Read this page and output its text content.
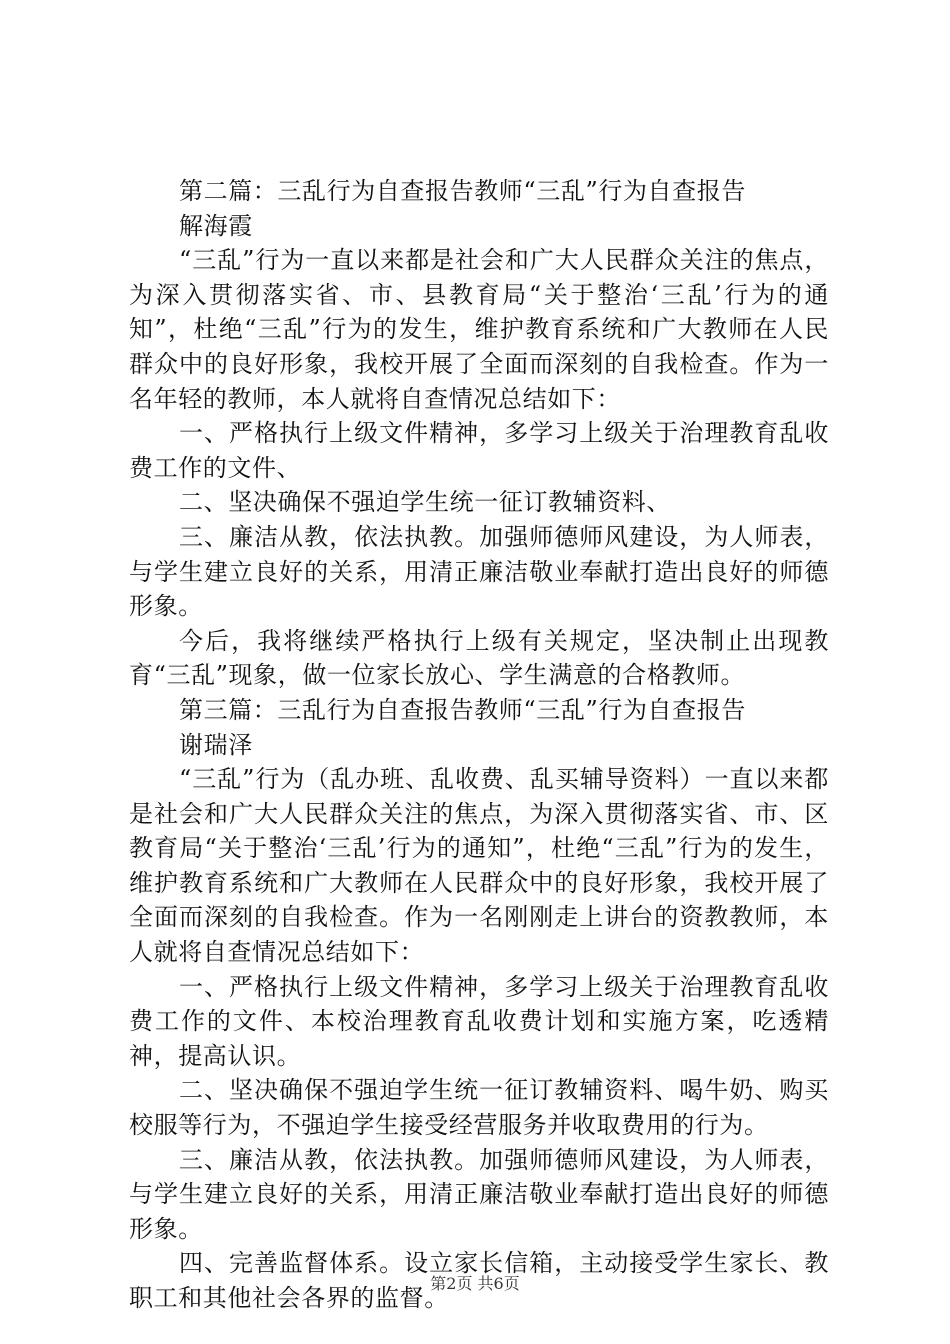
第二篇：三乱行为自查报告教师“三乱”行为自查报告

解海霞

“三乱”行为一直以来都是社会和广大人民群众关注的焦点，为深入贯彻落实省、市、县教育局“关于整治‘三乱’行为的通知”，杜绝“三乱”行为的发生，维护教育系统和广大教师在人民群众中的良好形象，我校开展了全面而深刻的自我检查。作为一名年轻的教师，本人就将自查情况总结如下：

一、严格执行上级文件精神，多学习上级关于治理教育乱收费工作的文件、

二、坚决确保不强迫学生统一征订教辅资料、

三、廉洁从教，依法执教。加强师德师风建设，为人师表，与学生建立良好的关系，用清正廉洁敬业奉献打造出良好的师德形象。

今后，我将继续严格执行上级有关规定，坚决制止出现教育“三乱”现象，做一位家长放心、学生满意的合格教师。

第三篇：三乱行为自查报告教师“三乱”行为自查报告

谢瑞泽

“三乱”行为（乱办班、乱收费、乱买辅导资料）一直以来都是社会和广大人民群众关注的焦点，为深入贯彻落实省、市、区教育局“关于整治‘三乱’行为的通知”，杜绝“三乱”行为的发生，维护教育系统和广大教师在人民群众中的良好形象，我校开展了全面而深刻的自我检查。作为一名刚刚走上讲台的资教教师，本人就将自查情况总结如下：

一、严格执行上级文件精神，多学习上级关于治理教育乱收费工作的文件、本校治理教育乱收费计划和实施方案，吃透精神，提高认识。

二、坚决确保不强迫学生统一征订教辅资料、喝牛奶、购买校服等行为，不强迫学生接受经营服务并收取费用的行为。

三、廉洁从教，依法执教。加强师德师风建设，为人师表，与学生建立良好的关系，用清正廉洁敬业奉献打造出良好的师德形象。

四、完善监督体系。设立家长信箱，主动接受学生家长、教职工和其他社会各界的监督。

第2页 共6页
